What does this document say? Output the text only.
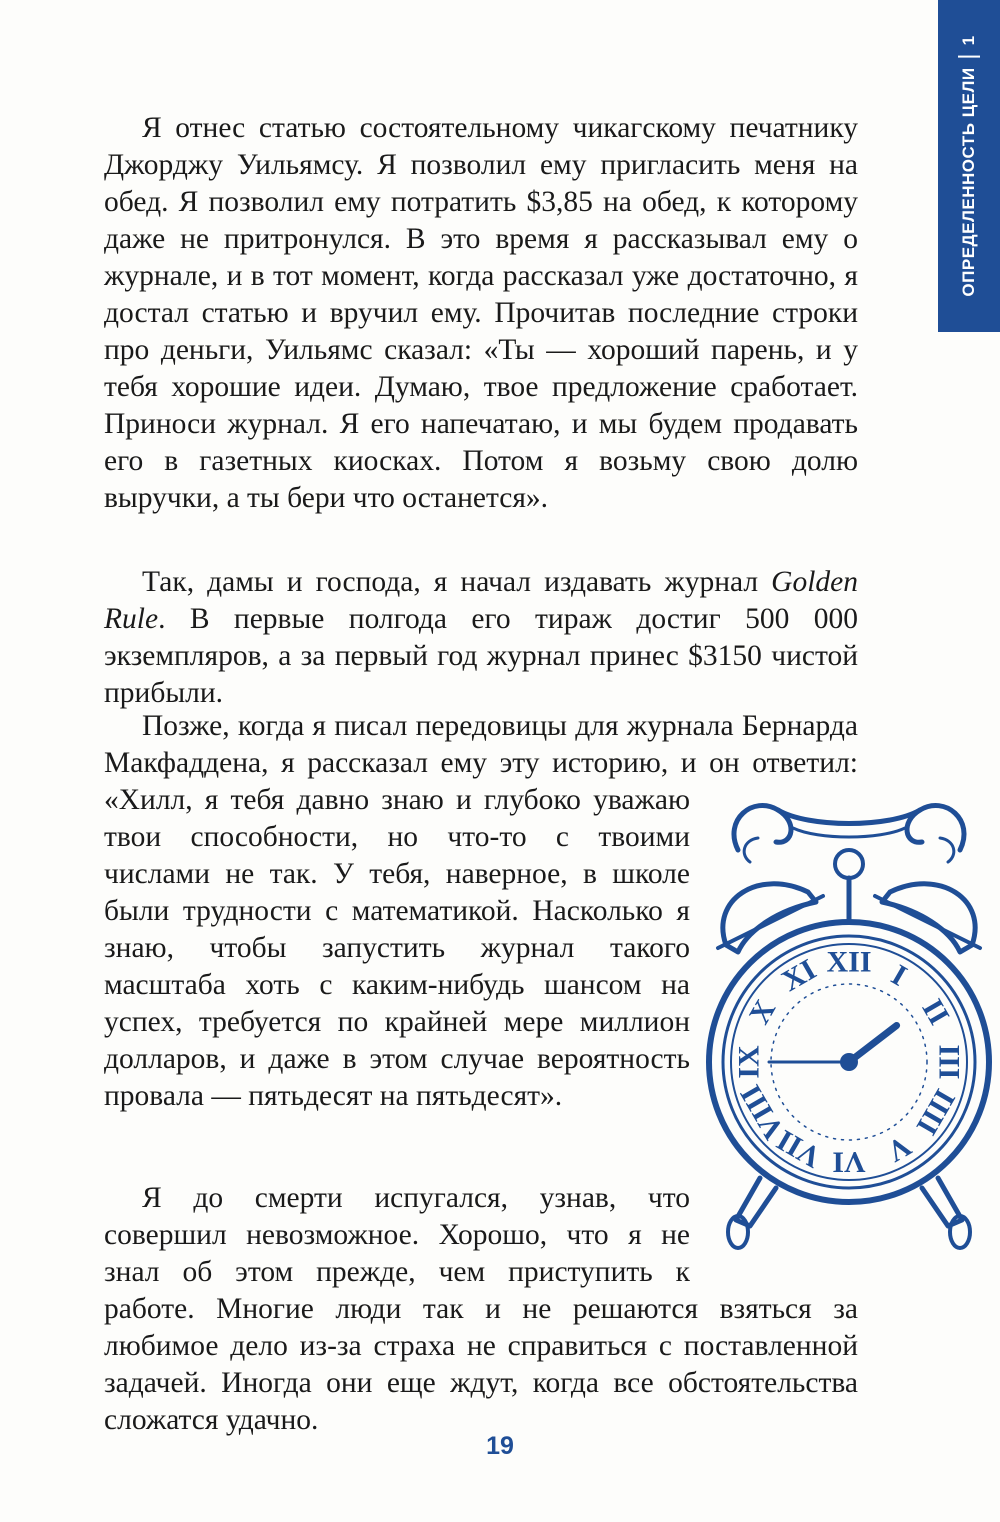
ОПРЕДЕЛЕННОСТЬ ЦЕЛИ
1

Я отнес статью состоятельному чикагскому печатнику Джорджу Уильямсу. Я позволил ему пригласить меня на обед. Я позволил ему потратить $3,85 на обед, к которому даже не притронулся. В это время я рассказывал ему о журнале, и в тот момент, когда рассказал уже достаточно, я достал статью и вручил ему. Прочитав последние строки про деньги, Уильямс сказал: «Ты — хороший парень, и у тебя хорошие идеи. Думаю, твое предложение сработает. Приноси журнал. Я его напечатаю, и мы будем продавать его в газетных киосках. Потом я возьму свою долю выручки, а ты бери что останется».

Так, дамы и господа, я начал издавать журнал Golden Rule. В первые полгода его тираж достиг 500 000 экземпляров, а за первый год журнал принес $3150 чистой прибыли.

Позже, когда я писал передовицы для журнала Бернарда Макфаддена, я рассказал ему эту историю, и он ответил:
«Хилл, я тебя давно знаю и глубоко уважаю твои способности, но что-то с твоими числами не так. У тебя, наверное, в школе были трудности с математикой. Насколько я знаю, чтобы запустить журнал такого масштаба хоть с каким-нибудь шансом на успех, требуется по крайней мере миллион долларов, и даже в этом случае вероятность провала — пятьдесят на пятьдесят».

Я до смерти испугался, узнав, что совершил невозможное. Хорошо, что я не знал об этом прежде, чем приступить к работе. Многие люди так и не решаются взяться за любимое дело из-за страха не справиться с поставленной задачей. Иногда они еще ждут, когда все обстоятельства сложатся удачно.

XII I
II
III
IIII
V
VI
VII
VIII
IX
X
XI
19
